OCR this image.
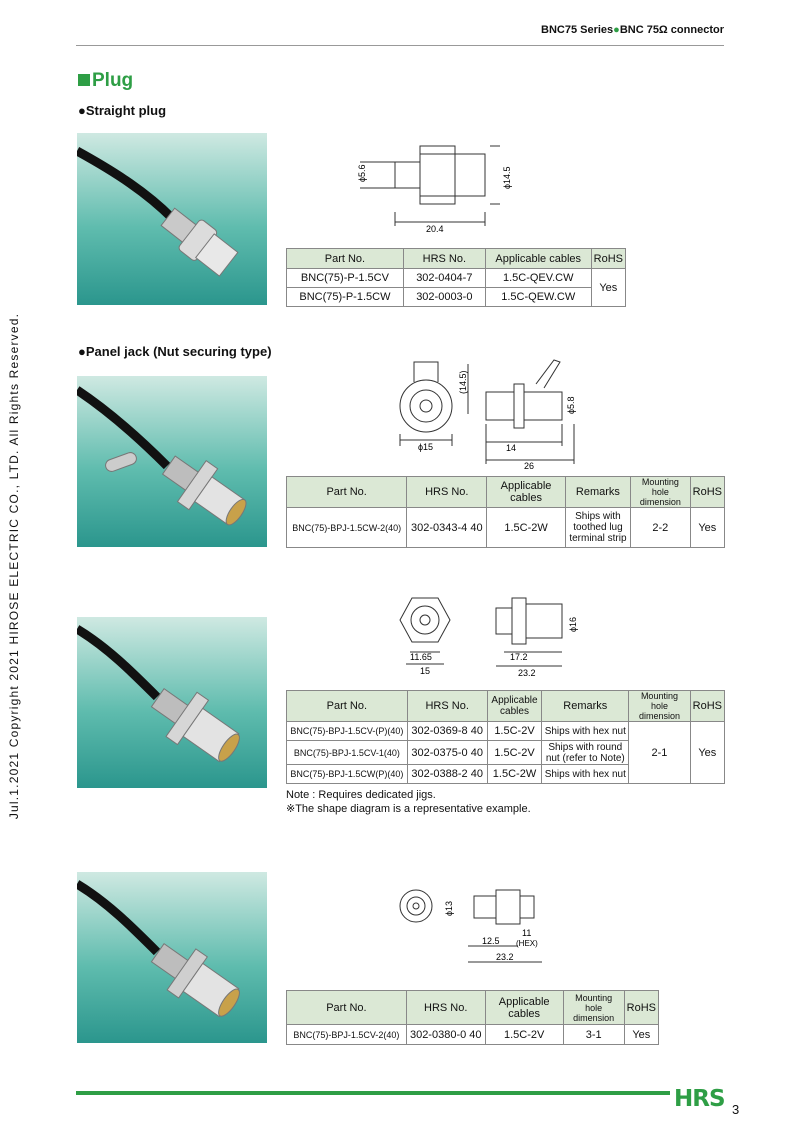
BNC75 Series●BNC 75Ω connector
Plug
Jul.1.2021 Copyright 2021 HIROSE ELECTRIC CO., LTD. All Rights Reserved.
●Straight plug
ϕ5.6	ϕ14.5
20.4
Part No.	HRS No.	Applicable cables	RoHS
BNC(75)-P-1.5CV	302-0404-7	1.5C-QEV.CW	Yes
BNC(75)-P-1.5CW	302-0003-0	1.5C-QEW.CW	
●Panel jack (Nut securing type)
(14.5)
ϕ15
ϕ5.8
14
26
Part No.	HRS No.	Applicable cables	Remarks	Mounting hole dimension	RoHS
BNC(75)-BPJ-1.5CW-2(40)	302-0343-4 40	1.5C-2W	Ships with toothed lug terminal strip	2-2	Yes
11.65
15
17.2
23.2
ϕ16
Part No.	HRS No.	Applicable cables	Remarks	Mounting hole dimension	RoHS
BNC(75)-BPJ-1.5CV-(P)(40)	302-0369-8 40	1.5C-2V	Ships with hex nut	2-1	Yes
BNC(75)-BPJ-1.5CV-1(40)	302-0375-0 40	1.5C-2V	Ships with round nut (refer to Note)		
BNC(75)-BPJ-1.5CW(P)(40)	302-0388-2 40	1.5C-2W	Ships with hex nut		
Note : Requires dedicated jigs.
※The shape diagram is a representative example.
ϕ13
12.5
11
(HEX)
23.2
Part No.	HRS No.	Applicable cables	Mounting hole dimension	RoHS
BNC(75)-BPJ-1.5CV-2(40)	302-0380-0 40	1.5C-2V	3-1	Yes
HRS 3
